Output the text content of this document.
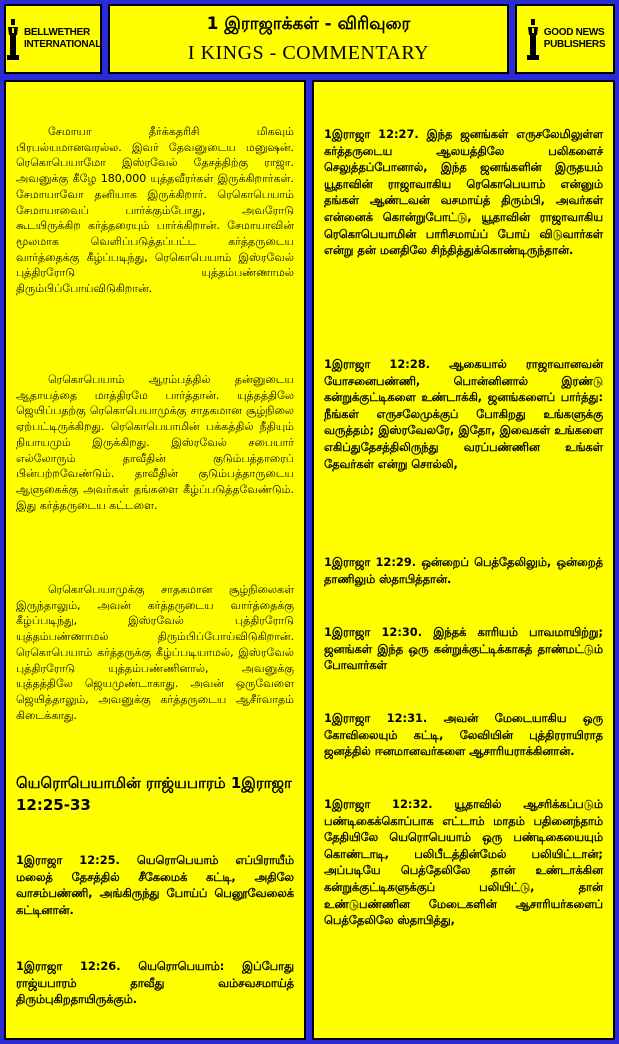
BELLWETHER
INTERNATIONAL
1 இராஜாக்கள் - விரிவுரை
I KINGS - COMMENTARY
GOOD NEWS
PUBLISHERS
சேமாயா தீர்க்கதரிசி மிகவும் பிரபல்யமானவரல்ல. இவர் தேவனுடைய மனுஷன். ரெகொபெயாமோ இஸ்ரவேல் தேசத்திற்கு ராஜா. அவனுக்கு கீழே 180,000 யுத்தவீரர்கள் இருக்கிறார்கள். சேமாயாவோ தனியாக இருக்கிறார். ரெகொபெயாம் சேமாயாவைப் பார்க்கும்போது, அவரோடு கூடயிருக்கிற கர்த்தரையும் பார்க்கிறான். சேமாயாவின் மூலமாக வெளிப்படுத்தப்பட்ட கர்த்தருடைய வார்த்தைக்கு கீழ்ப்படிந்து, ரெகொபெயாம் இஸ்ரவேல் புத்திரரோடு யுத்தம்பண்ணாமல் திரும்பிப்போய்விடுகிறான்.
ரெகொபெயாம் ஆரம்பத்தில் தன்னுடைய ஆதாயத்தை மாத்திரமே பார்த்தான். யுத்தத்திலே ஜெயிப்பதற்கு ரெகொபெயாமுக்கு சாதகமான சூழ்நிலை ஏற்பட்டிருக்கிறது. ரெகொபெயாமின் பக்கத்தில் நீதியும் நியாயமும் இருக்கிறது. இஸ்ரவேல் சபையார் எல்லோரும் தாவீதின் குடும்பத்தாரைப் பின்பற்றவேண்டும். தாவீதின் குடும்பத்தாருடைய ஆளுகைக்கு அவர்கள் தங்களை கீழ்ப்படுத்தவேண்டும். இது கர்த்தருடைய கட்டளை.
ரெகொபெயாமுக்கு சாதகமான சூழ்நிலைகள் இருந்தாலும், அவன் கர்த்தருடைய வார்த்தைக்கு கீழ்ப்படிந்து, இஸ்ரவேல் புத்திரரோடு யுத்தம்பண்ணாமல் திரும்பிப்போய்விடுகிறான். ரெகொபெயாம் கர்த்தருக்கு கீழ்ப்படியாமல், இஸ்ரவேல் புத்திரரோடு யுத்தம்பண்ணினால், அவனுக்கு யுத்தத்திலே ஜெயமுண்டாகாது. அவன் ஒருவேளை ஜெயித்தாலும், அவனுக்கு கர்த்தருடைய ஆசீர்வாதம் கிடைக்காது.
யெரொபெயாமின் ராஜ்யபாரம் 1இராஜா 12:25-33
1இராஜா 12:25. யெரொபெயாம் எப்பிராயீம் மலைத் தேசத்தில் சீகேமைக் கட்டி, அதிலே வாசம்பண்ணி, அங்கிருந்து போய்ப் பெனூவேலைக் கட்டினான்.
1இராஜா 12:26. யெரொபெயாம்: இப்போது ராஜ்யபாரம் தாவீது வம்சவசமாய்த் திரும்புகிறதாயிருக்கும்.
1இராஜா 12:27. இந்த ஜனங்கள் எருசலேமிலுள்ள கர்த்தருடைய ஆலயத்திலே பலிகளைச் செலுத்தப்போனால், இந்த ஜனங்களின் இருதயம் யூதாவின் ராஜாவாகிய ரெகொபெயாம் என்னும் தங்கள் ஆண்டவன் வசமாய்த் திரும்பி, அவர்கள் என்னைக் கொன்றுபோட்டு, யூதாவின் ராஜாவாகிய ரெகொபெயாமின் பாரிசமாய்ப் போய் விடுவார்கள் என்று தன் மனதிலே சிந்தித்துக்கொண்டிருந்தான்.
1இராஜா 12:28. ஆகையால் ராஜாவானவன் யோசனைபண்ணி, பொன்னினால் இரண்டு கன்றுக்குட்டிகளை உண்டாக்கி, ஜனங்களைப் பார்த்து: நீங்கள் எருசலேமுக்குப் போகிறது உங்களுக்கு வருத்தம்; இஸ்ரவேலரே, இதோ, இவைகள் உங்களை எகிப்துதேசத்திலிருந்து வரப்பண்ணின உங்கள் தேவர்கள் என்று சொல்லி,
1இராஜா 12:29. ஒன்றைப் பெத்தேலிலும், ஒன்றைத் தாணிலும் ஸ்தாபித்தான்.
1இராஜா 12:30. இந்தக் காரியம் பாவமாயிற்று; ஜனங்கள் இந்த ஒரு கன்றுக்குட்டிக்காகத் தாண்மட்டும் போவார்கள்
1இராஜா 12:31. அவன் மேடையாகிய ஒரு கோவிலையும் கட்டி, லேவியின் புத்திரராயிராத ஜனத்தில் ஈனமானவர்களை ஆசாரியராக்கினான்.
1இராஜா 12:32. யூதாவில் ஆசரிக்கப்படும் பண்டிகைக்கொப்பாக எட்டாம் மாதம் பதினைந்தாம் தேதியிலே யெரொபெயாம் ஒரு பண்டிகையையும் கொண்டாடி, பலிபீடத்தின்மேல் பலியிட்டான்; அப்படியே பெத்தேலிலே தான் உண்டாக்கின கன்றுக்குட்டிகளுக்குப் பலியிட்டு, தான் உண்டுபண்ணின மேடைகளின் ஆசாரியர்களைப் பெத்தேலிலே ஸ்தாபித்து,
